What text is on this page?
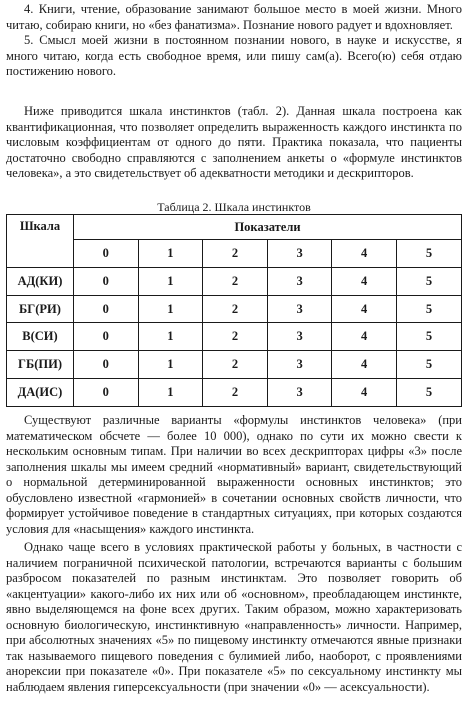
4. Книги, чтение, образование занимают большое место в моей жизни. Много читаю, собираю книги, но «без фанатизма». Познание нового радует и вдохновляет.

5. Смысл моей жизни в постоянном познании нового, в науке и искусстве, я много читаю, когда есть свободное время, или пишу сам(а). Всего(ю) себя отдаю постижению нового.

Ниже приводится шкала инстинктов (табл. 2). Данная шкала построена как квантификационная, что позволяет определить выраженность каждого инстинкта по числовым коэффициентам от одного до пяти. Практика показала, что пациенты достаточно свободно справляются с заполнением анкеты о «формуле инстинктов человека», а это свидетельствует об адекватности методики и дескрипторов.

Таблица 2. Шкала инстинктов
Шкала	Показатели					
	0	1	2	3	4	5
АД(КИ)	0	1	2	3	4	5
БГ(РИ)	0	1	2	3	4	5
В(СИ)	0	1	2	3	4	5
ГБ(ПИ)	0	1	2	3	4	5
ДА(ИС)	0	1	2	3	4	5

Существуют различные варианты «формулы инстинктов человека» (при математическом обсчете — более 10 000), однако по сути их можно свести к нескольким основным типам. При наличии во всех дескрипторах цифры «3» после заполнения шкалы мы имеем средний «нормативный» вариант, свидетельствующий о нормальной детерминированной выраженности основных инстинктов; это обусловлено известной «гармонией» в сочетании основных свойств личности, что формирует устойчивое поведение в стандартных ситуациях, при которых создаются условия для «насыщения» каждого инстинкта.

Однако чаще всего в условиях практической работы у больных, в частности с наличием пограничной психической патологии, встречаются варианты с большим разбросом показателей по разным инстинктам. Это позволяет говорить об «акцентуации» какого-либо их них или об «основном», преобладающем инстинкте, явно выделяющемся на фоне всех других. Таким образом, можно характеризовать основную биологическую, инстинктивную «направленность» личности. Например, при абсолютных значениях «5» по пищевому инстинкту отмечаются явные признаки так называемого пищевого поведения с булимией либо, наоборот, с проявлениями анорексии при показателе «0». При показателе «5» по сексуальному инстинкту мы наблюдаем явления гиперсексуальности (при значении «0» — асексуальности).
